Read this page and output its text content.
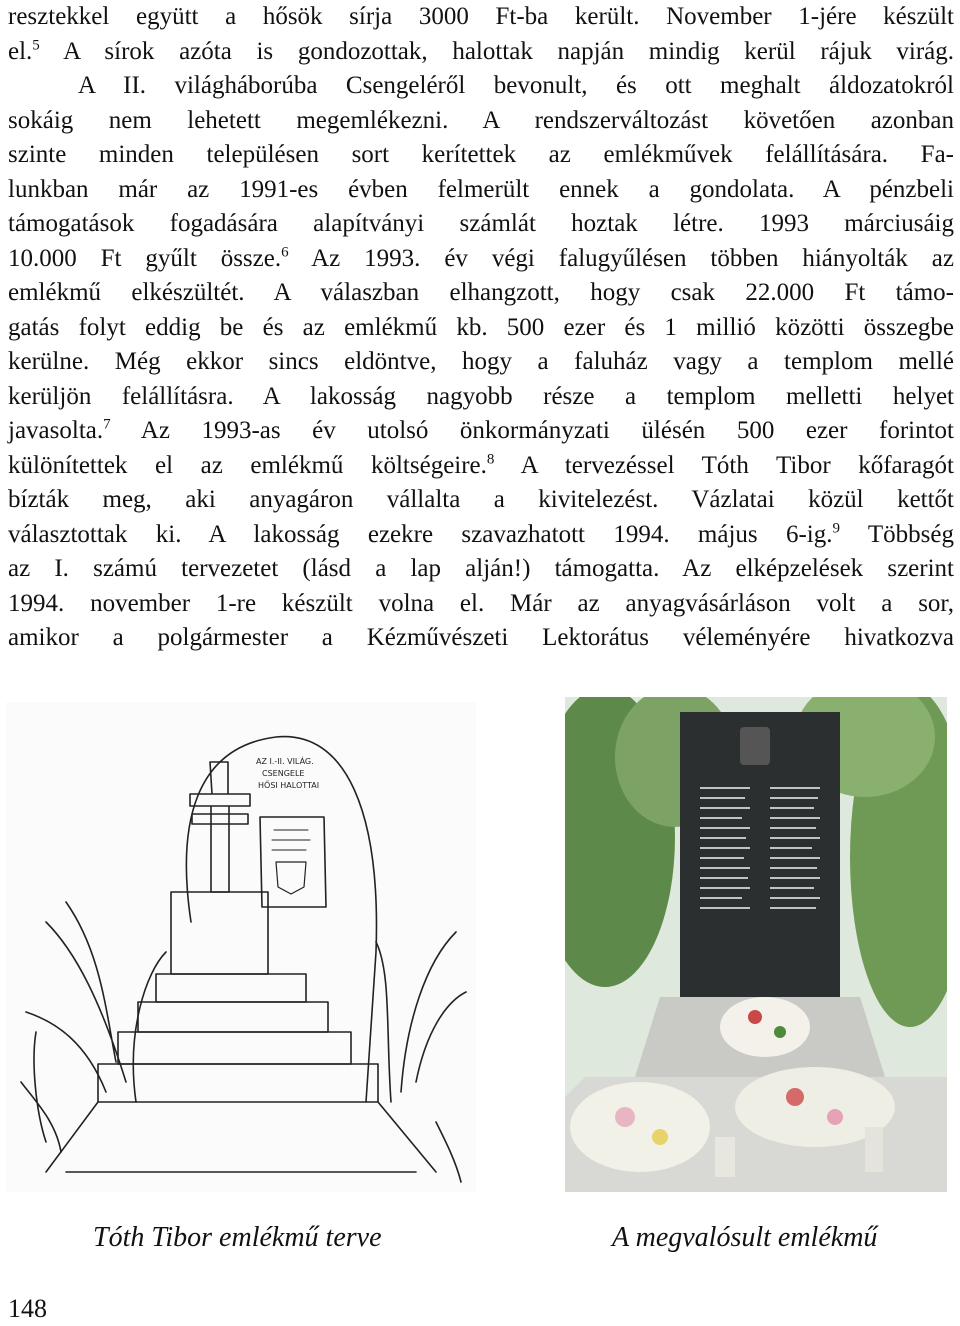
resztekkel együtt a hősök sírja 3000 Ft-ba került. November 1-jére készült
el.$^5$ A sírok azóta is gondozottak, halottak napján mindig kerül rájuk virág.
A II. világháborúba Csengeléről bevonult, és ott meghalt áldozatokról
sokáig nem lehetett megemlékezni. A rendszerváltozást követően azonban
szinte minden településen sort kerítettek az emlékművek felállítására. Fa-
lunkban már az 1991-es évben felmerült ennek a gondolata. A pénzbeli
támogatások fogadására alapítványi számlát hoztak létre. 1993 márciusáig
10.000 Ft gyűlt össze.$^6$ Az 1993. év végi falugyűlésen többen hiányolták az
emlékmű elkészültét. A válaszban elhangzott, hogy csak 22.000 Ft támo-
gatás folyt eddig be és az emlékmű kb. 500 ezer és 1 millió közötti összegbe
kerülne. Még ekkor sincs eldöntve, hogy a faluház vagy a templom mellé
kerüljön felállításra. A lakosság nagyobb része a templom melletti helyet
javasolta.$^7$ Az 1993-as év utolsó önkormányzati ülésén 500 ezer forintot
különítettek el az emlékmű költségeire.$^8$ A tervezéssel Tóth Tibor kőfaragót
bízták meg, aki anyagáron vállalta a kivitelezést. Vázlatai közül kettőt
választottak ki. A lakosság ezekre szavazhatott 1994. május 6-ig.$^9$ Többség
az I. számú tervezetet (lásd a lap alján!) támogatta. Az elképzelések szerint
1994. november 1-re készült volna el. Már az anyagvásárláson volt a sor,
amikor a polgármester a Kézművészeti Lektorátus véleményére hivatkozva
AZ I.-II. VILÁG.
CSENGELE
HŐSI HALOTTAI
Tóth Tibor emlékmű terve	A megvalósult emlékmű
148
